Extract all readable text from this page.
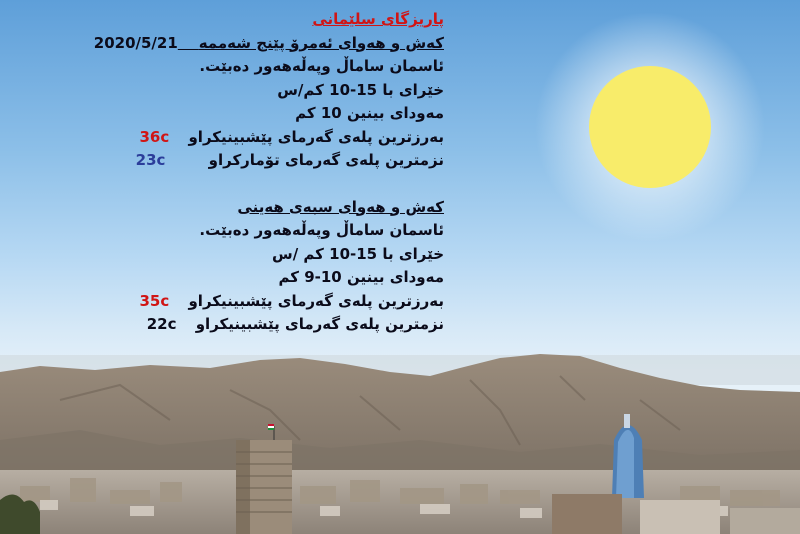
پاریزگای سلێمانی
کەش و هەوای ئەمرۆ پێنج شەممە    2020/5/21
ئاسمان ساماڵ وپەڵەهەور دەبێت.
خێرای با 10-15 کم/س
مەودای بینین 10 کم
بەرزترین پلەی گەرمای پێشبینیکراو 36c
نزمترین پلەی گەرمای تۆمارکراو 23c
کەش و هەوای سبەی هەینی
ئاسمان ساماڵ وپەڵەهەور دەبێت.
خێرای با 10-15 کم /س
مەودای بینین 9-10 کم
بەرزترین پلەی گەرمای پێشبینیکراو 35c
نزمترین پلەی گەرمای پێشبینیکراو 22c
